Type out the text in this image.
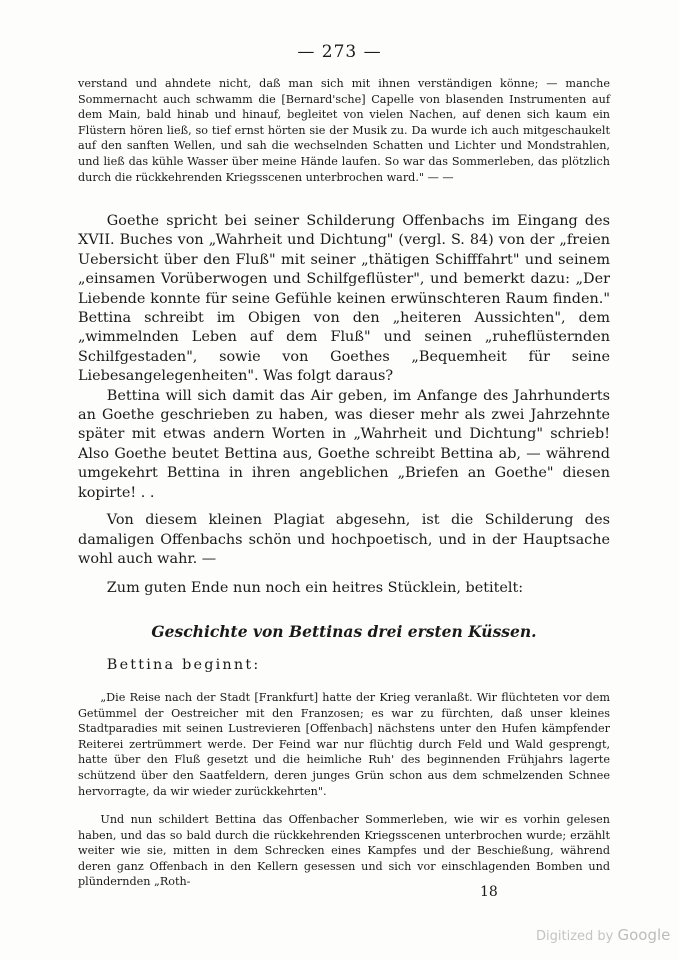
— 273 —

verstand und ahndete nicht, daß man sich mit ihnen verständigen könne; — manche Sommernacht auch schwamm die [Bernard'sche] Capelle von blasenden Instrumenten auf dem Main, bald hinab und hinauf, begleitet von vielen Nachen, auf denen sich kaum ein Flüstern hören ließ, so tief ernst hörten sie der Musik zu. Da wurde ich auch mitgeschaukelt auf den sanften Wellen, und sah die wechselnden Schatten und Lichter und Mondstrahlen, und ließ das kühle Wasser über meine Hände laufen. So war das Sommerleben, das plötzlich durch die rückkehrenden Kriegsscenen unterbrochen ward." — —

Goethe spricht bei seiner Schilderung Offenbachs im Eingang des XVII. Buches von „Wahrheit und Dichtung" (vergl. S. 84) von der „freien Uebersicht über den Fluß" mit seiner „thätigen Schifffahrt" und seinem „einsamen Vorüberwogen und Schilfgeflüster", und bemerkt dazu: „Der Liebende konnte für seine Gefühle keinen erwünschteren Raum finden." Bettina schreibt im Obigen von den „heiteren Aussichten", dem „wimmelnden Leben auf dem Fluß" und seinen „ruheflüsternden Schilfgestaden", sowie von Goethes „Bequemheit für seine Liebesangelegenheiten". Was folgt daraus?

Bettina will sich damit das Air geben, im Anfange des Jahrhunderts an Goethe geschrieben zu haben, was dieser mehr als zwei Jahrzehnte später mit etwas andern Worten in „Wahrheit und Dichtung" schrieb! Also Goethe beutet Bettina aus, Goethe schreibt Bettina ab, — während umgekehrt Bettina in ihren angeblichen „Briefen an Goethe" diesen kopirte! . .

Von diesem kleinen Plagiat abgesehn, ist die Schilderung des damaligen Offenbachs schön und hochpoetisch, und in der Hauptsache wohl auch wahr. —

Zum guten Ende nun noch ein heitres Stücklein, betitelt:

Geschichte von Bettinas drei ersten Küssen.

Bettina beginnt:

„Die Reise nach der Stadt [Frankfurt] hatte der Krieg veranlaßt. Wir flüchteten vor dem Getümmel der Oestreicher mit den Franzosen; es war zu fürchten, daß unser kleines Stadtparadies mit seinen Lustrevieren [Offenbach] nächstens unter den Hufen kämpfender Reiterei zertrümmert werde. Der Feind war nur flüchtig durch Feld und Wald gesprengt, hatte über den Fluß gesetzt und die heimliche Ruh' des beginnenden Frühjahrs lagerte schützend über den Saatfeldern, deren junges Grün schon aus dem schmelzenden Schnee hervorragte, da wir wieder zurückkehrten".

Und nun schildert Bettina das Offenbacher Sommerleben, wie wir es vorhin gelesen haben, und das so bald durch die rückkehrenden Kriegsscenen unterbrochen wurde; erzählt weiter wie sie, mitten in dem Schrecken eines Kampfes und der Beschießung, während deren ganz Offenbach in den Kellern gesessen und sich vor einschlagenden Bomben und plündernden „Roth-

18
Digitized by Google
